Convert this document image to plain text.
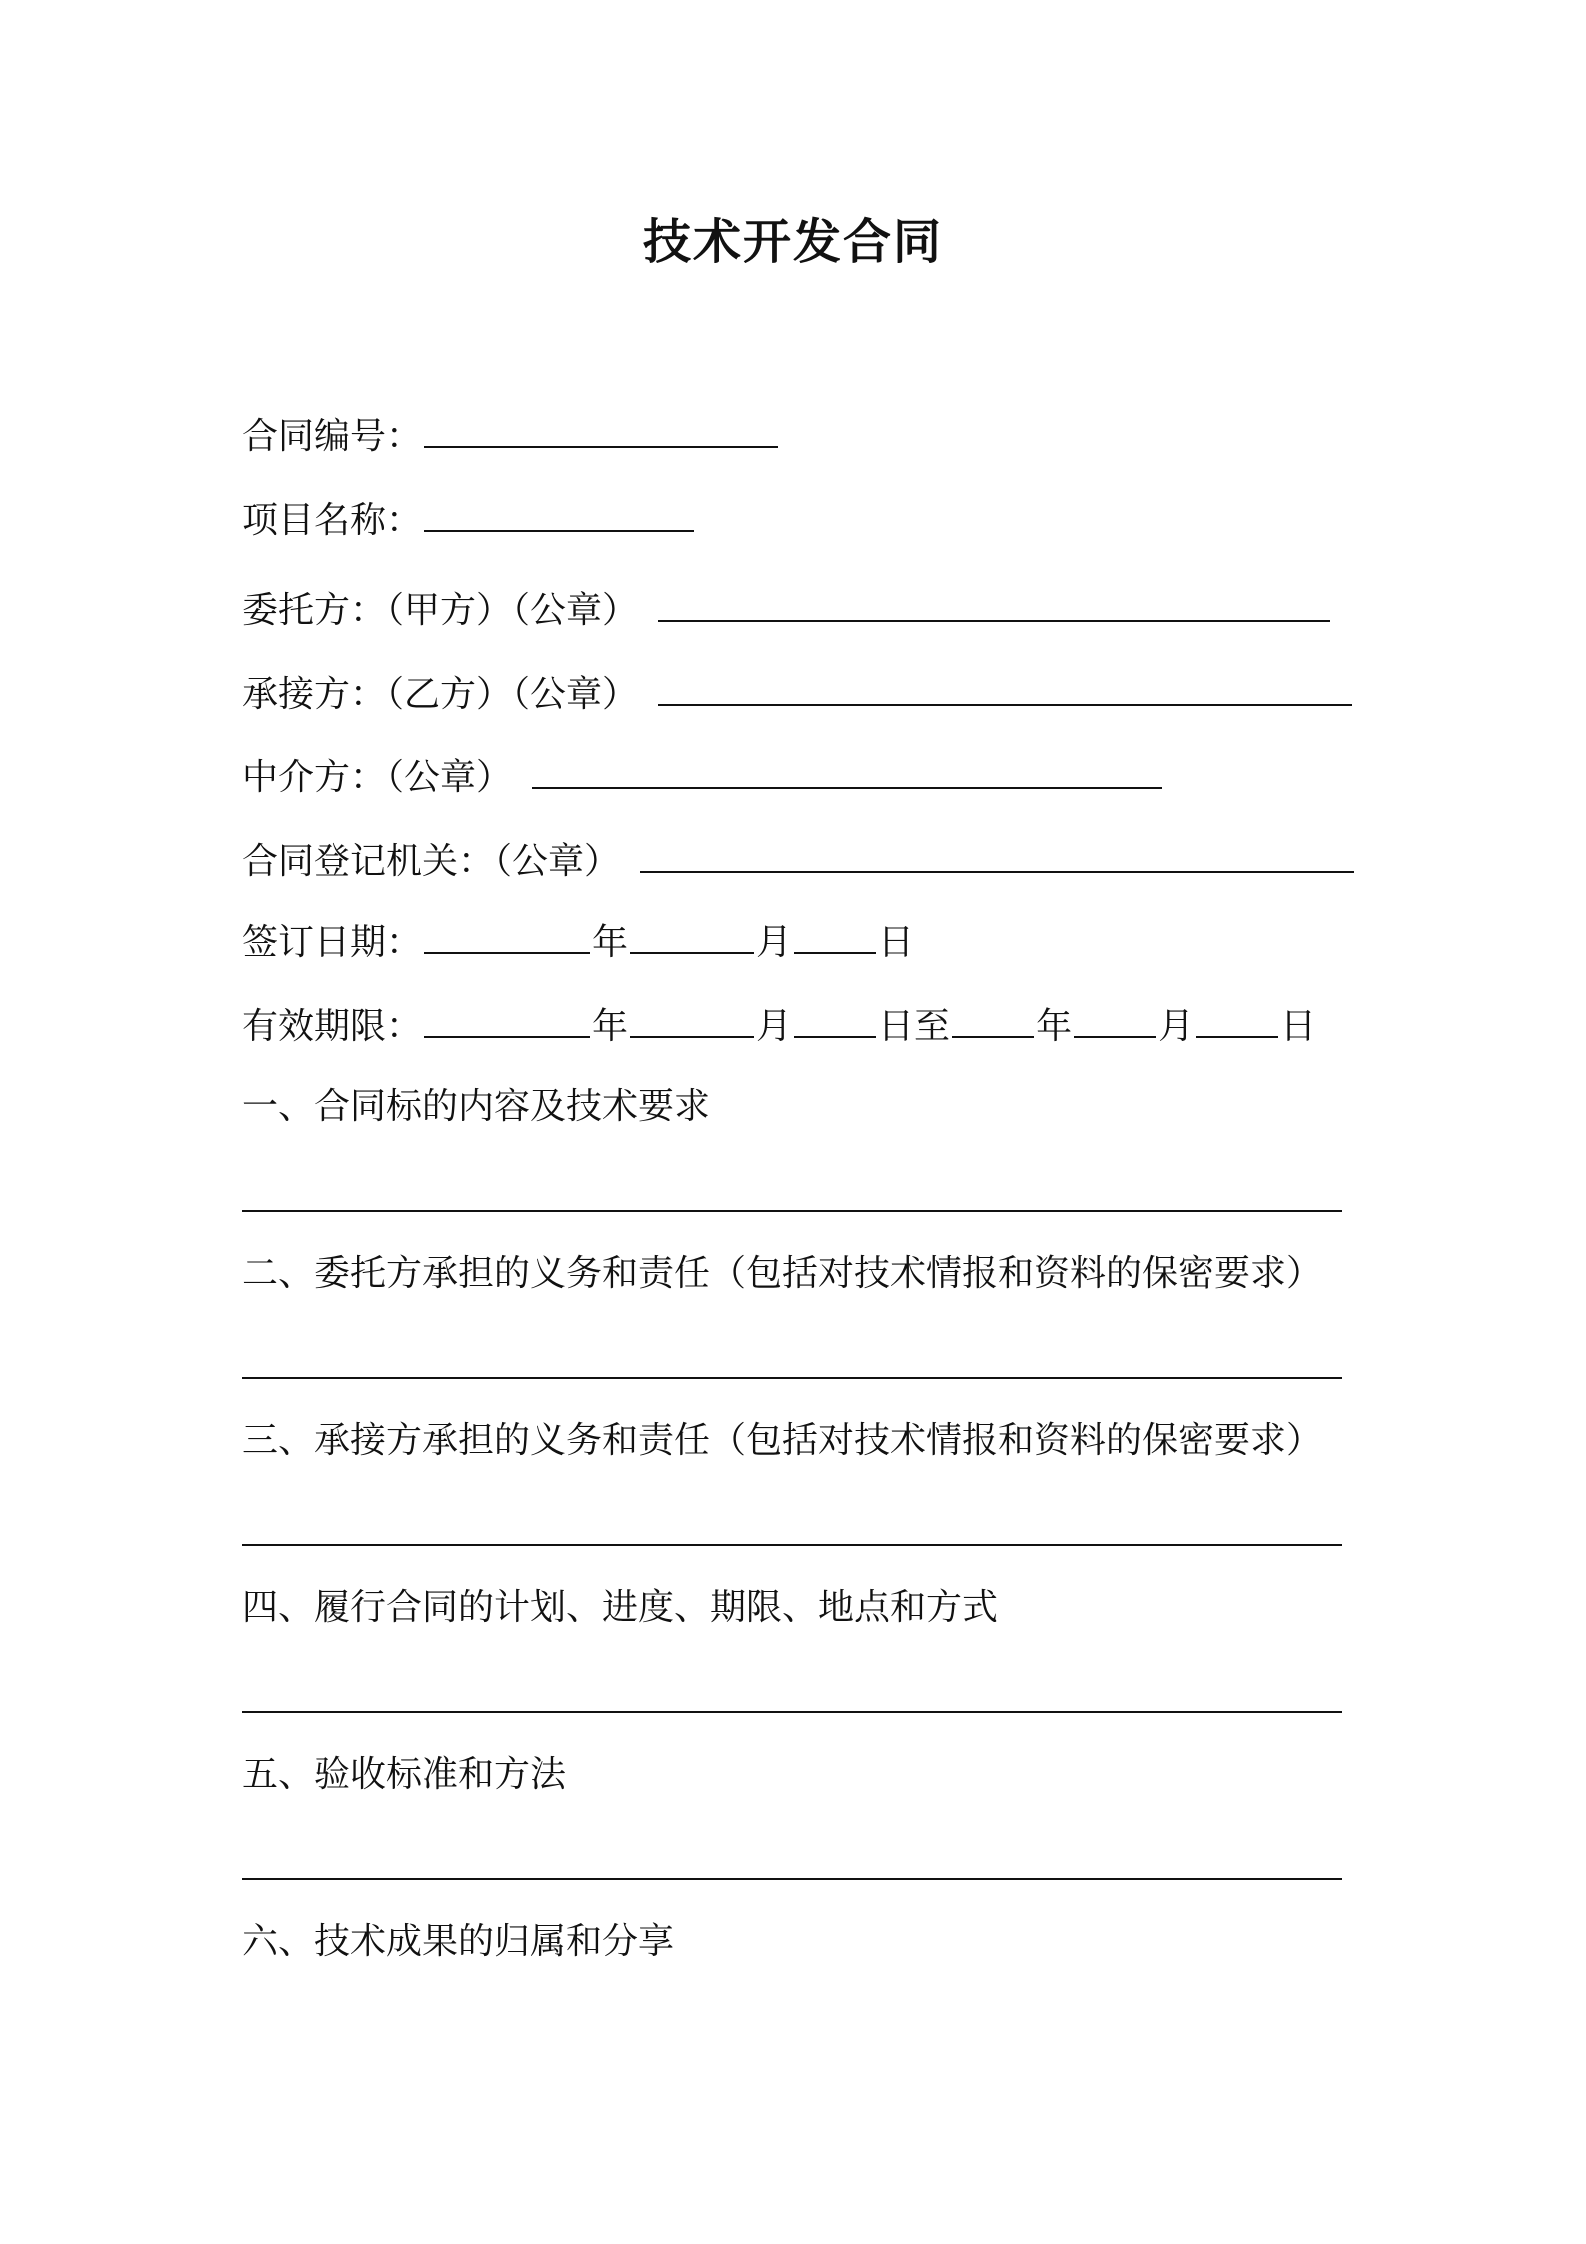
技术开发合同
合同编号：
项目名称：
委托方：（甲方）（公章）
承接方：（乙方）（公章）
中介方：（公章）
合同登记机关：（公章）
签订日期：	年	月 日
有效期限：	年	月 日至 年 月 日
一、合同标的内容及技术要求
二、委托方承担的义务和责任（包括对技术情报和资料的保密要求）
三、承接方承担的义务和责任（包括对技术情报和资料的保密要求）
四、履行合同的计划、进度、期限、地点和方式
五、验收标准和方法
六、技术成果的归属和分享
